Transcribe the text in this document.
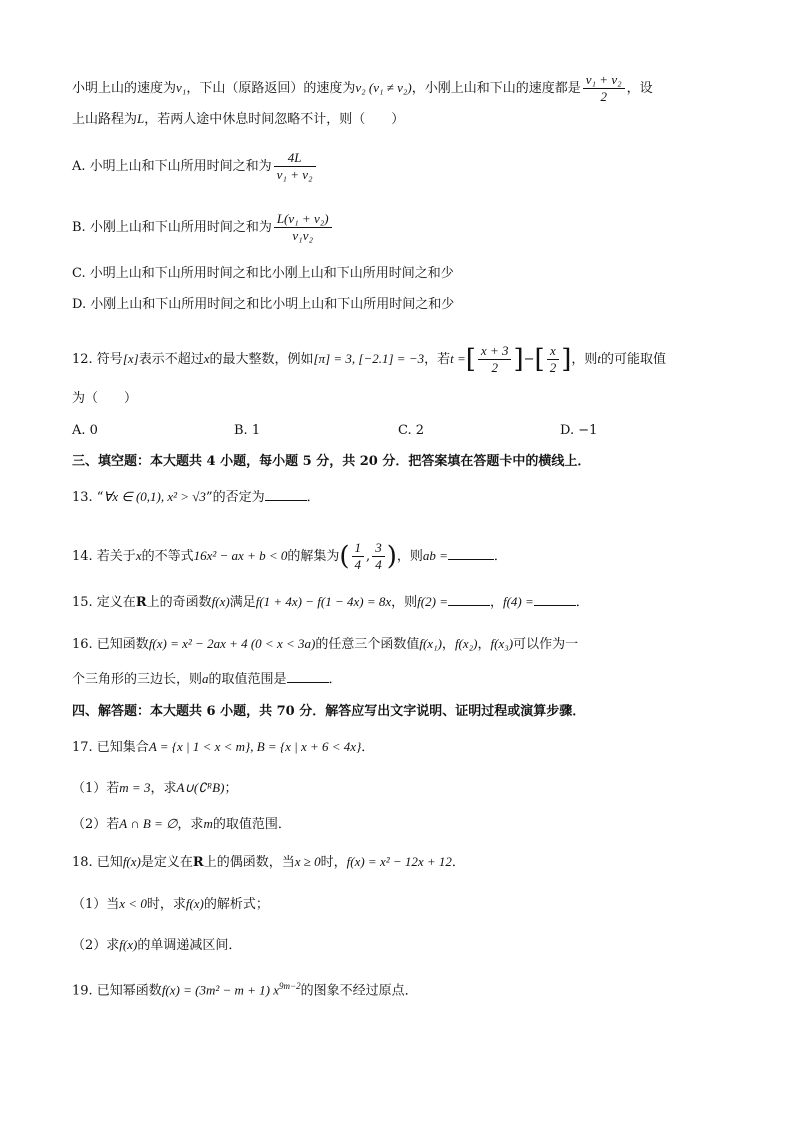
小明上山的速度为v₁，下山（原路返回）的速度为v₂ (v₁ ≠ v₂)，小刚上山和下山的速度都是 $\frac{\text{v₁ + v₂}}{2}$ ，设
上山路程为L，若两人途中休息时间忽略不计，则（　　）
A. 小明上山和下山所用时间之和为 $\frac{4L}{\text{v₁ + v₂}}$
B. 小刚上山和下山所用时间之和为 $\frac{\text{L(v₁ + v₂)}}{\text{v₁v₂}}$
C. 小明上山和下山所用时间之和比小刚上山和下山所用时间之和少
D. 小刚上山和下山所用时间之和比小明上山和下山所用时间之和少
12. 符号[x]表示不超过x的最大整数，例如[π] = 3, [−2.1] = −3，若t =[ $\frac{x + 3}{2}$ ]−[ $\frac{x}{2}$ ]，则t的可能取值
为（　　）
A. 0	B. 1	C. 2	D. −1
三、填空题：本大题共 4 小题，每小题 5 分，共 20 分．把答案填在答题卡中的横线上．
13. “∀x ∈ (0,1), x² > √3”的否定为	．
14. 若关于x的不等式16x² − ax + b < 0的解集为( $\frac{1}{4}$ , $\frac{3}{4}$ )，则ab =	．
15. 定义在R上的奇函数f(x)满足f(1 + 4x) − f(1 − 4x) = 8x，则f(2) =	，f(4) =	．
16. 已知函数f(x) = x² − 2ax + 4 (0 < x < 3a)的任意三个函数值f(x₁)，f(x₂)，f(x₃)可以作为一
个三角形的三边长，则a的取值范围是	．
四、解答题：本大题共 6 小题，共 70 分．解答应写出文字说明、证明过程或演算步骤．
17. 已知集合A = {x | 1 < x < m}, B = {x | x + 6 < 4x}．
（1）若m = 3，求A∪(∁ᴿB)；
（2）若A ∩ B = ∅，求m的取值范围．
18. 已知f(x)是定义在R上的偶函数，当x ≥ 0时，f(x) = x² − 12x + 12．
（1）当x < 0时，求f(x)的解析式；
（2）求f(x)的单调递减区间．
19. 已知幂函数f(x) = (3m² − m + 1) $x^{9m-2}$的图象不经过原点．
